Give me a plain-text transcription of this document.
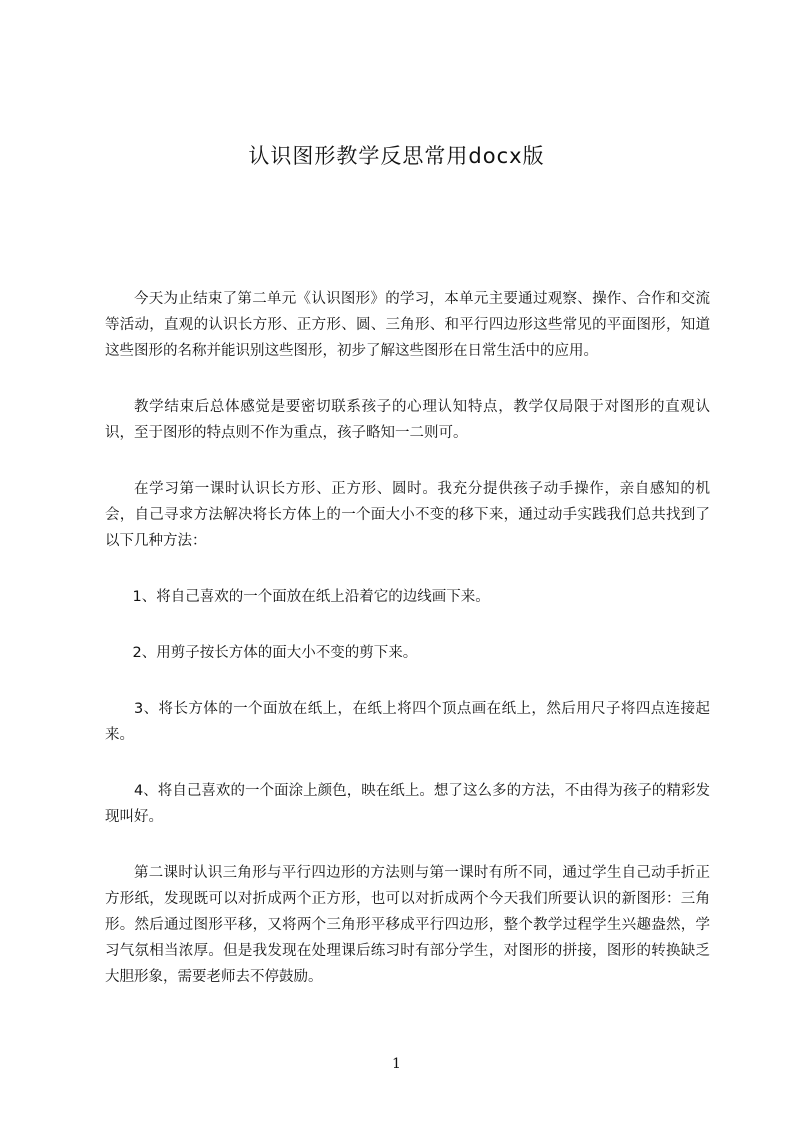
认识图形教学反思常用docx版

今天为止结束了第二单元《认识图形》的学习，本单元主要通过观察、操作、合作和交流等活动，直观的认识长方形、正方形、圆、三角形、和平行四边形这些常见的平面图形，知道这些图形的名称并能识别这些图形，初步了解这些图形在日常生活中的应用。

教学结束后总体感觉是要密切联系孩子的心理认知特点，教学仅局限于对图形的直观认识，至于图形的特点则不作为重点，孩子略知一二则可。

在学习第一课时认识长方形、正方形、圆时。我充分提供孩子动手操作，亲自感知的机会，自己寻求方法解决将长方体上的一个面大小不变的移下来，通过动手实践我们总共找到了以下几种方法：

1、将自己喜欢的一个面放在纸上沿着它的边线画下来。

2、用剪子按长方体的面大小不变的剪下来。

3、将长方体的一个面放在纸上，在纸上将四个顶点画在纸上，然后用尺子将四点连接起来。

4、将自己喜欢的一个面涂上颜色，映在纸上。想了这么多的方法，不由得为孩子的精彩发现叫好。

第二课时认识三角形与平行四边形的方法则与第一课时有所不同，通过学生自己动手折正方形纸，发现既可以对折成两个正方形，也可以对折成两个今天我们所要认识的新图形：三角形。然后通过图形平移，又将两个三角形平移成平行四边形，整个教学过程学生兴趣盎然，学习气氛相当浓厚。但是我发现在处理课后练习时有部分学生，对图形的拼接，图形的转换缺乏大胆形象，需要老师去不停鼓励。

1
